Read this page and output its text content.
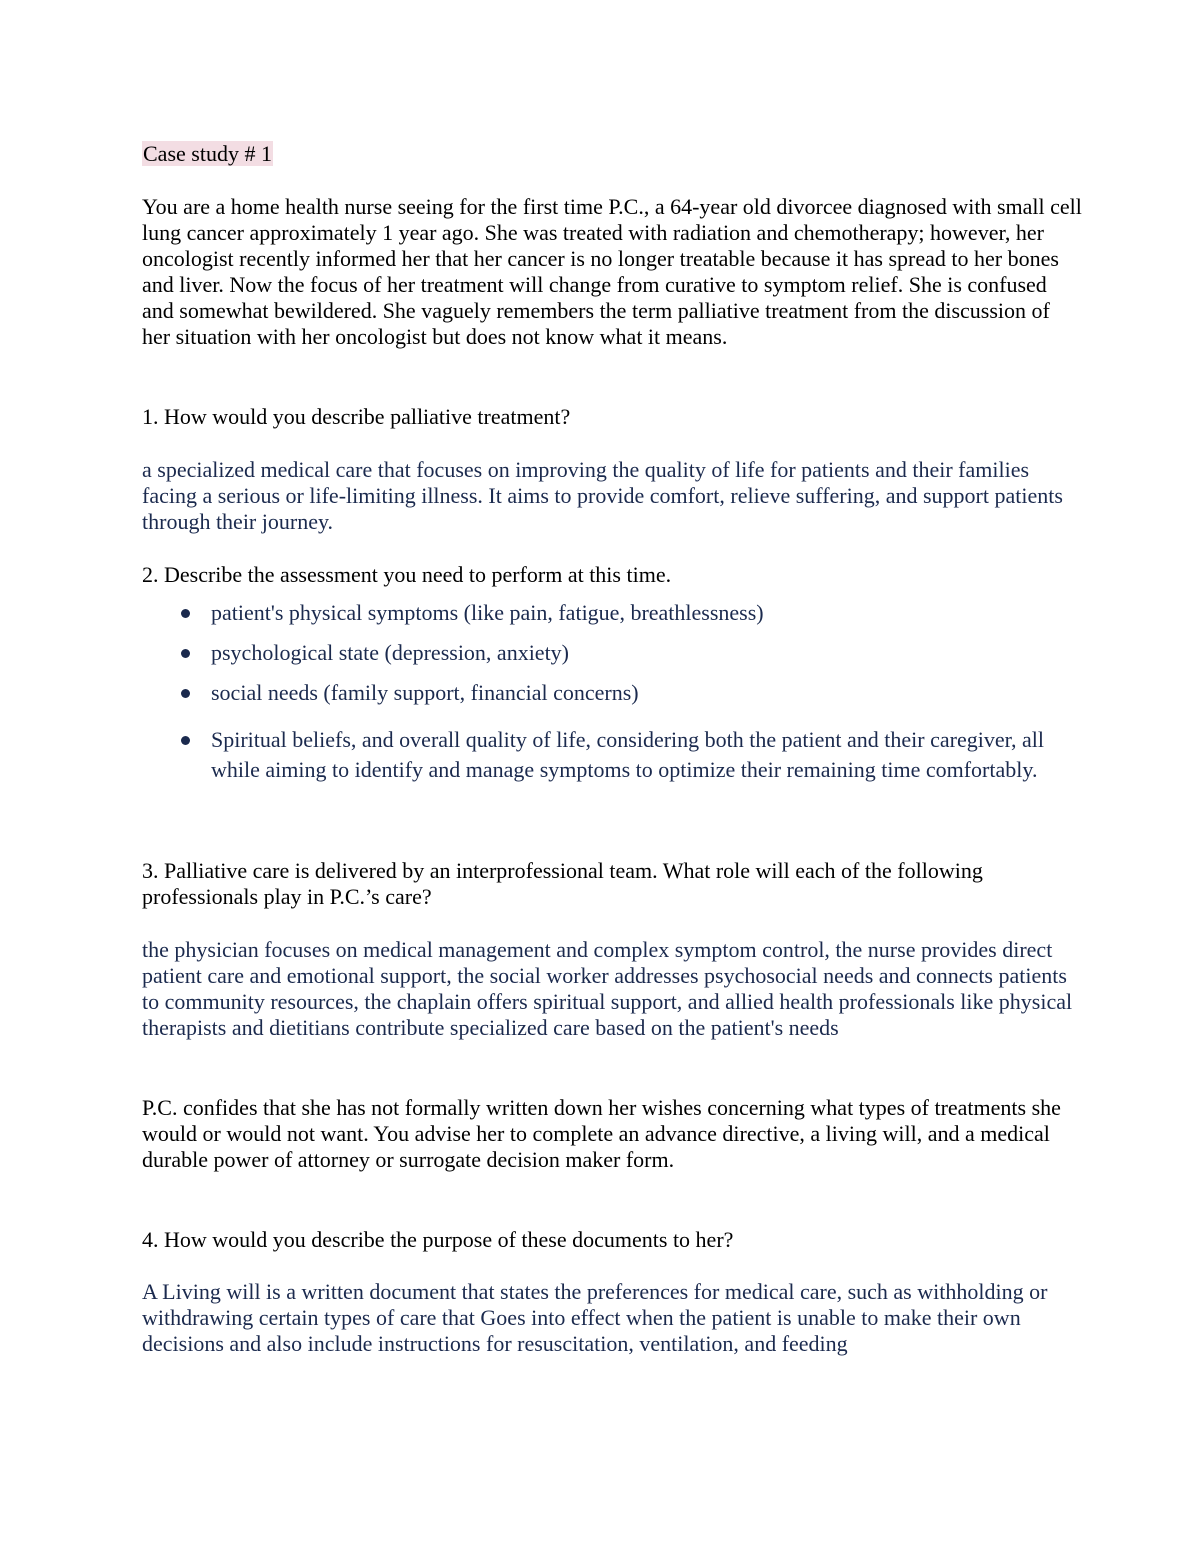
Case study # 1

You are a home health nurse seeing for the first time P.C., a 64-year old divorcee diagnosed with small cell lung cancer approximately 1 year ago. She was treated with radiation and chemotherapy; however, her oncologist recently informed her that her cancer is no longer treatable because it has spread to her bones and liver. Now the focus of her treatment will change from curative to symptom relief. She is confused and somewhat bewildered. She vaguely remembers the term palliative treatment from the discussion of her situation with her oncologist but does not know what it means.

1. How would you describe palliative treatment?

a specialized medical care that focuses on improving the quality of life for patients and their families facing a serious or life-limiting illness. It aims to provide comfort, relieve suffering, and support patients through their journey.

2. Describe the assessment you need to perform at this time.

patient's physical symptoms (like pain, fatigue, breathlessness)
psychological state (depression, anxiety)
social needs (family support, financial concerns)
Spiritual beliefs, and overall quality of life, considering both the patient and their caregiver, all while aiming to identify and manage symptoms to optimize their remaining time comfortably.

3. Palliative care is delivered by an interprofessional team. What role will each of the following professionals play in P.C.’s care?

the physician focuses on medical management and complex symptom control, the nurse provides direct patient care and emotional support, the social worker addresses psychosocial needs and connects patients to community resources, the chaplain offers spiritual support, and allied health professionals like physical therapists and dietitians contribute specialized care based on the patient's needs

P.C. confides that she has not formally written down her wishes concerning what types of treatments she would or would not want. You advise her to complete an advance directive, a living will, and a medical durable power of attorney or surrogate decision maker form.

4. How would you describe the purpose of these documents to her?

A Living will is a written document that states the preferences for medical care, such as withholding or withdrawing certain types of care that Goes into effect when the patient is unable to make their own decisions and also include instructions for resuscitation, ventilation, and feeding
